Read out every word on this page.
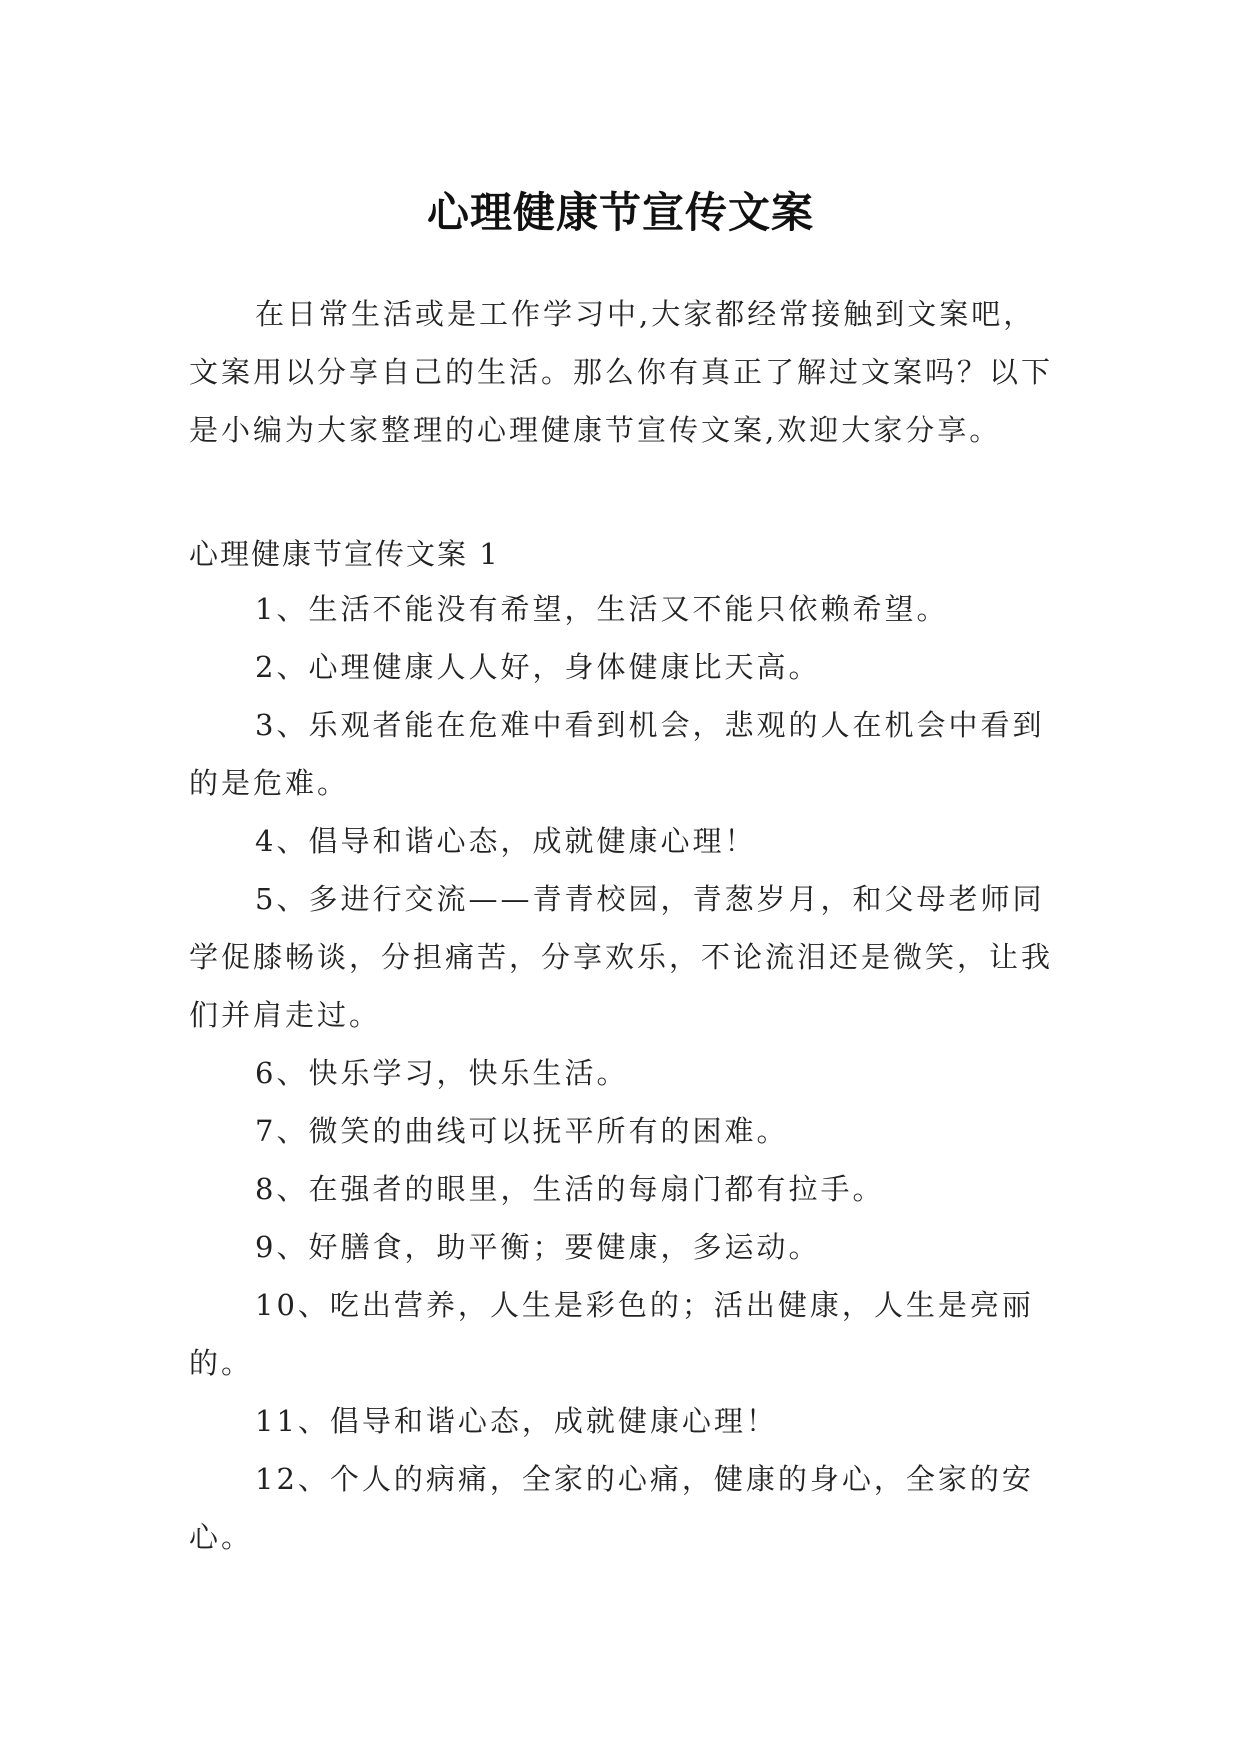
心理健康节宣传文案

在日常生活或是工作学习中,大家都经常接触到文案吧，文案用以分享自己的生活。那么你有真正了解过文案吗？以下是小编为大家整理的心理健康节宣传文案,欢迎大家分享。

心理健康节宣传文案 1

1、生活不能没有希望，生活又不能只依赖希望。
2、心理健康人人好，身体健康比天高。
3、乐观者能在危难中看到机会，悲观的人在机会中看到的是危难。
4、倡导和谐心态，成就健康心理！
5、多进行交流——青青校园，青葱岁月，和父母老师同学促膝畅谈，分担痛苦，分享欢乐，不论流泪还是微笑，让我们并肩走过。
6、快乐学习，快乐生活。
7、微笑的曲线可以抚平所有的困难。
8、在强者的眼里，生活的每扇门都有拉手。
9、好膳食，助平衡；要健康，多运动。
10、吃出营养，人生是彩色的；活出健康，人生是亮丽的。
11、倡导和谐心态，成就健康心理！
12、个人的病痛，全家的心痛，健康的身心，全家的安心。
